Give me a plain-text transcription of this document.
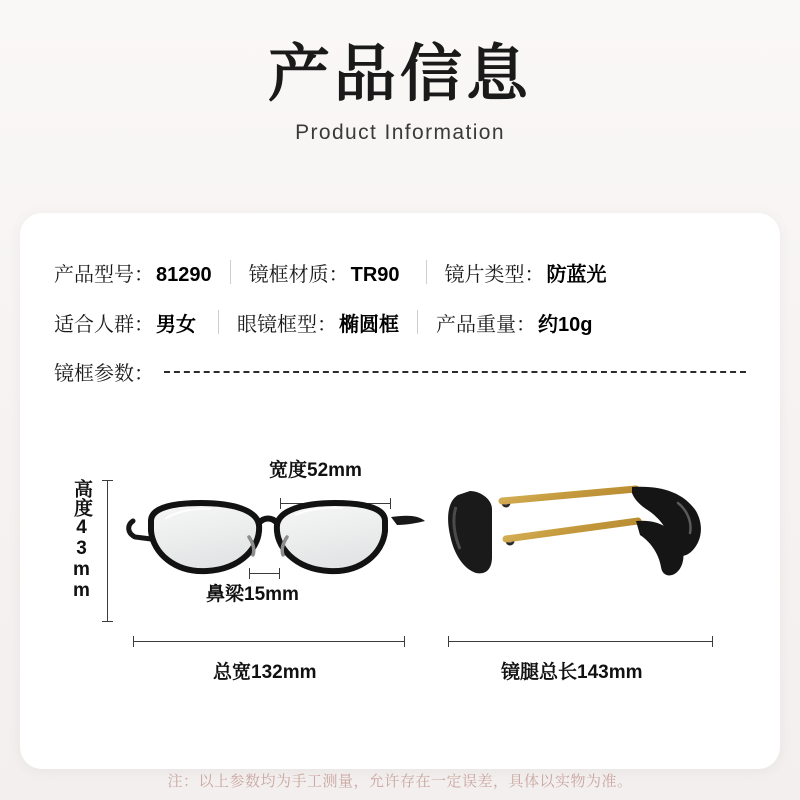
产品信息
Product Information
产品型号： 81290 镜框材质： TR90 镜片类型： 防蓝光
适合人群： 男女 眼镜框型： 椭圆框 产品重量： 约10g
镜框参数：
宽度52mm
高度43mm	鼻梁15mm
总宽132mm	镜腿总长143mm
注：以上参数均为手工测量，允许存在一定误差，具体以实物为准。
